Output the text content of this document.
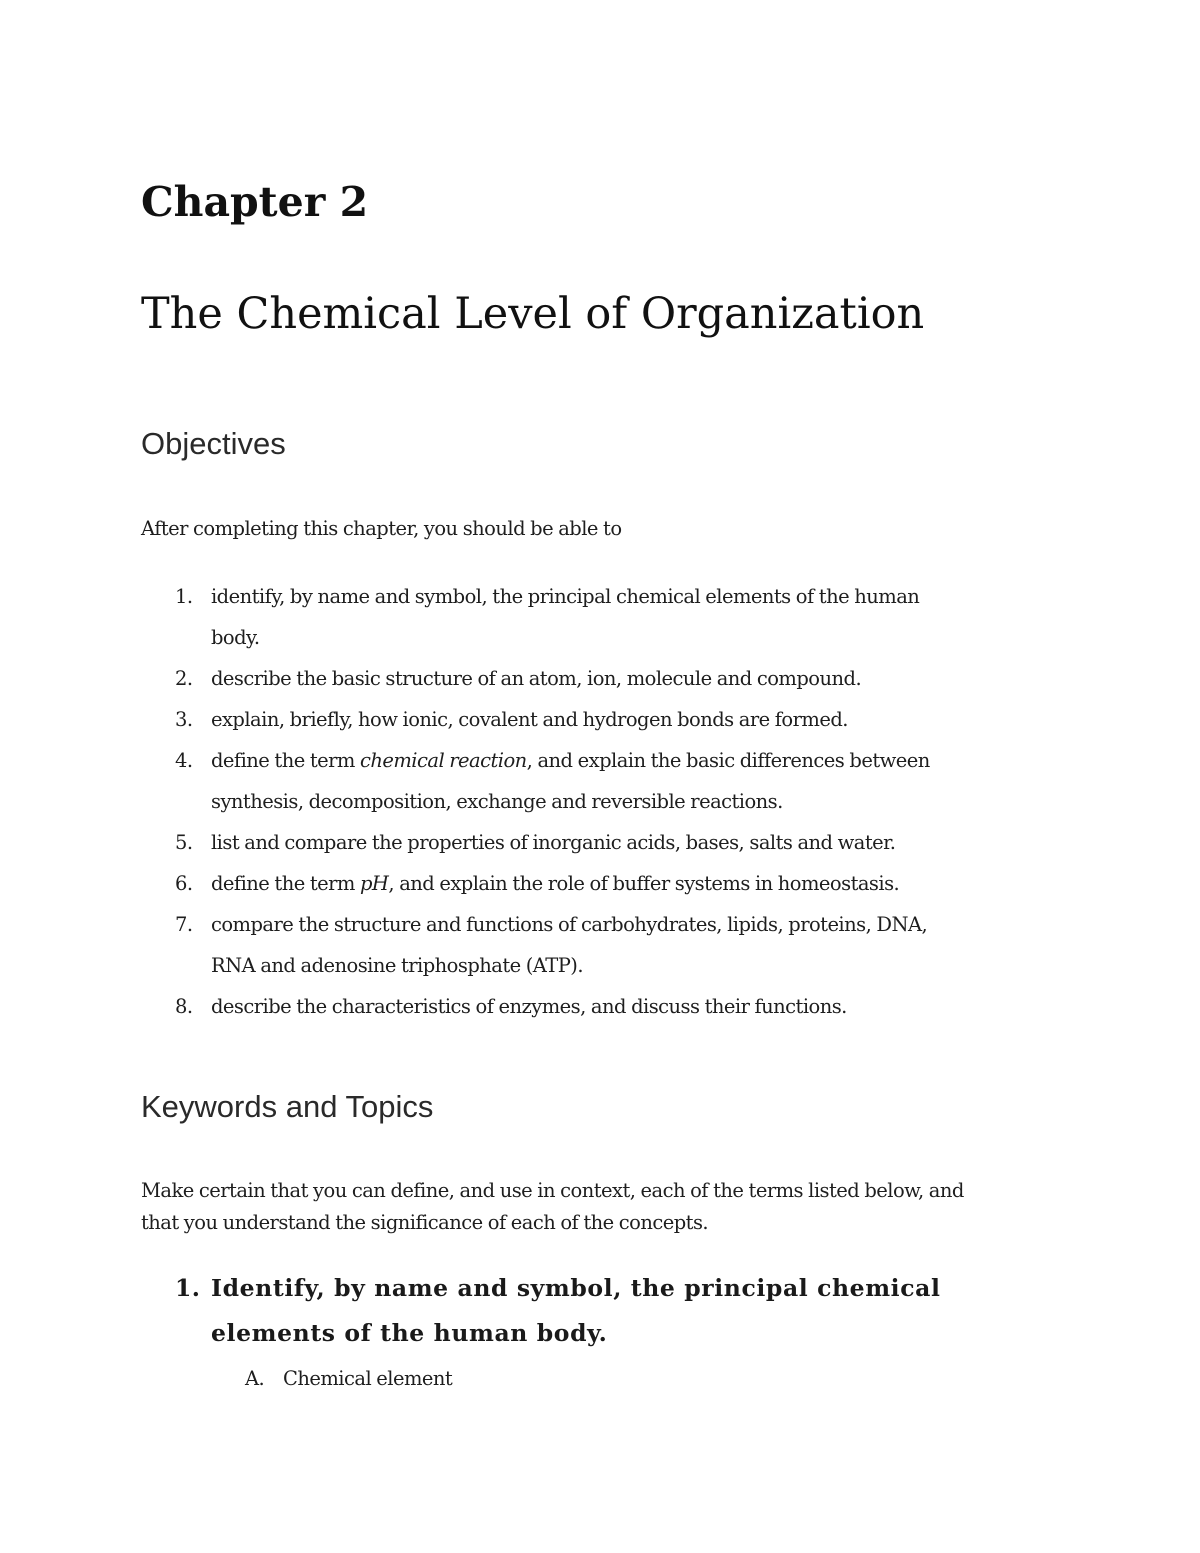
Chapter 2
The Chemical Level of Organization
Objectives

After completing this chapter, you should be able to

1. identify, by name and symbol, the principal chemical elements of the human
body.
2. describe the basic structure of an atom, ion, molecule and compound.
3. explain, briefly, how ionic, covalent and hydrogen bonds are formed.
4. define the term chemical reaction, and explain the basic differences between
synthesis, decomposition, exchange and reversible reactions.
5. list and compare the properties of inorganic acids, bases, salts and water.
6. define the term pH, and explain the role of buffer systems in homeostasis.
7. compare the structure and functions of carbohydrates, lipids, proteins, DNA,
RNA and adenosine triphosphate (ATP).
8. describe the characteristics of enzymes, and discuss their functions.
Keywords and Topics

Make certain that you can define, and use in context, each of the terms listed below, and
that you understand the significance of each of the concepts.

1. Identify, by name and symbol, the principal chemical
elements of the human body.
A. Chemical element
